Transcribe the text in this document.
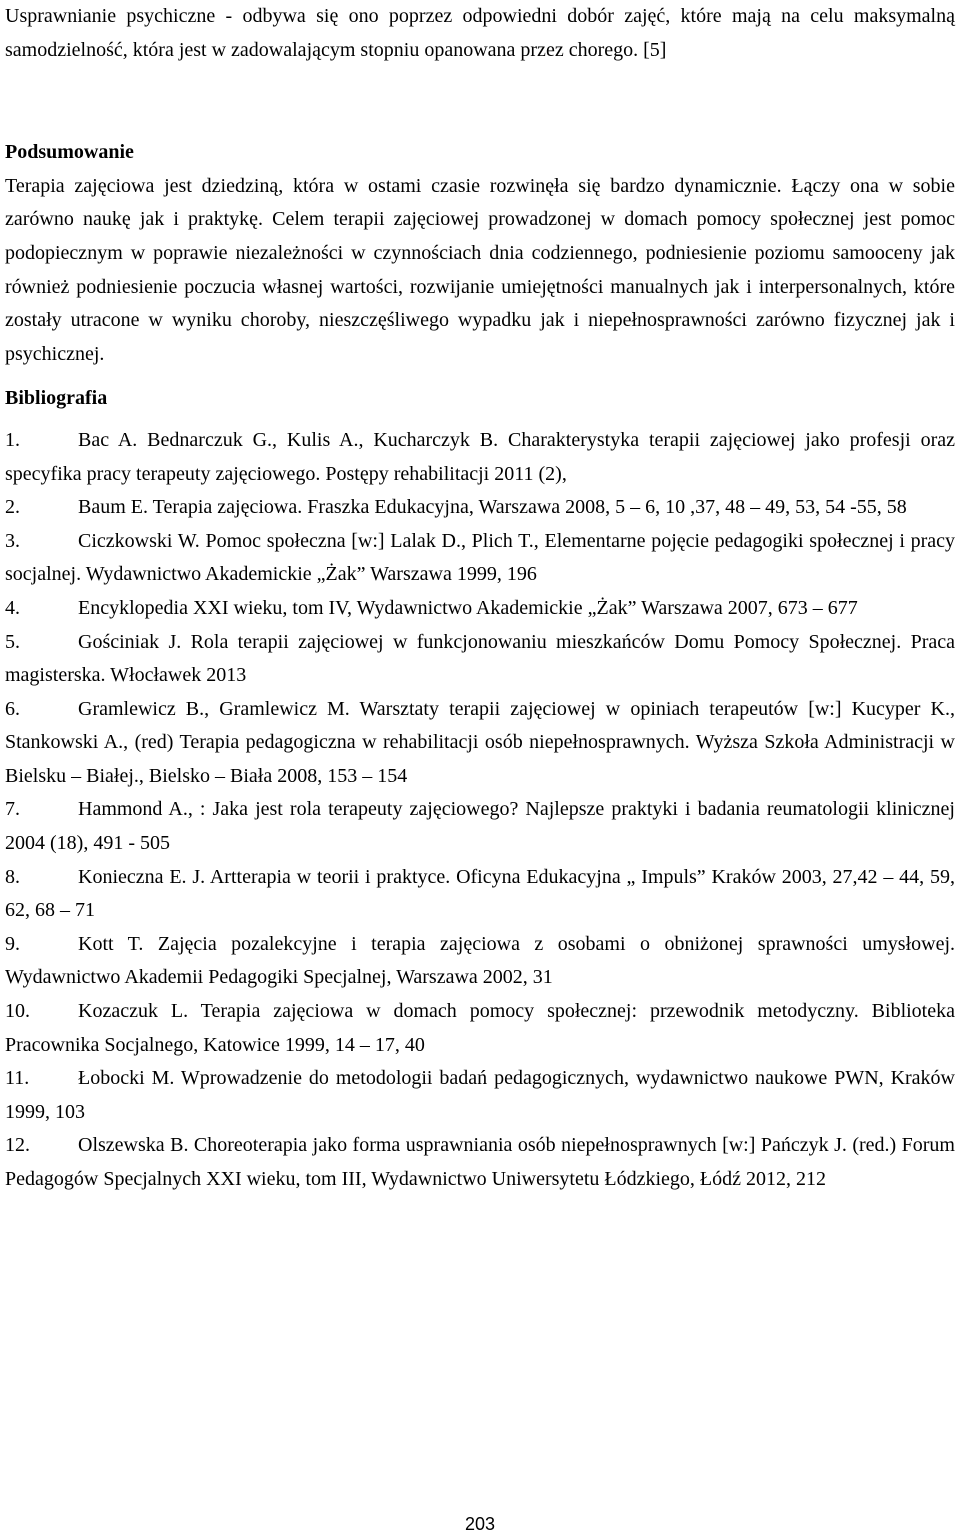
Usprawnianie psychiczne - odbywa się ono poprzez odpowiedni dobór zajęć, które mają na celu maksymalną samodzielność, która jest w zadowalającym stopniu opanowana przez chorego. [5]

Podsumowanie

Terapia zajęciowa jest dziedziną, która w ostami czasie rozwinęła się bardzo dynamicznie. Łączy ona w sobie zarówno naukę jak i praktykę. Celem terapii zajęciowej prowadzonej w domach pomocy społecznej jest pomoc podopiecznym w poprawie niezależności w czynnościach dnia codziennego, podniesienie poziomu samooceny jak również podniesienie poczucia własnej wartości, rozwijanie umiejętności manualnych jak i interpersonalnych, które zostały utracone w wyniku choroby, nieszczęśliwego wypadku jak i niepełnosprawności zarówno fizycznej jak i psychicznej.

Bibliografia
1.	Bac A. Bednarczuk G., Kulis A., Kucharczyk B. Charakterystyka terapii zajęciowej jako profesji oraz specyfika pracy terapeuty zajęciowego. Postępy rehabilitacji 2011 (2),
2.	Baum E. Terapia zajęciowa. Fraszka Edukacyjna, Warszawa 2008, 5 – 6, 10 ,37, 48 – 49, 53, 54 -55, 58
3.	Ciczkowski W. Pomoc społeczna [w:] Lalak D., Plich T., Elementarne pojęcie pedagogiki społecznej i pracy socjalnej. Wydawnictwo Akademickie „Żak” Warszawa 1999, 196
4.	Encyklopedia XXI wieku, tom IV, Wydawnictwo Akademickie „Żak” Warszawa 2007, 673 – 677
5.	Gościniak J. Rola terapii zajęciowej w funkcjonowaniu mieszkańców Domu Pomocy Społecznej. Praca magisterska. Włocławek 2013
6.	Gramlewicz B., Gramlewicz M. Warsztaty terapii zajęciowej w opiniach terapeutów [w:] Kucyper K., Stankowski A., (red) Terapia pedagogiczna w rehabilitacji osób niepełnosprawnych. Wyższa Szkoła Administracji w Bielsku – Białej., Bielsko – Biała 2008, 153 – 154
7.	Hammond A., : Jaka jest rola terapeuty zajęciowego? Najlepsze praktyki i badania reumatologii klinicznej 2004 (18), 491 - 505
8.	Konieczna E. J. Artterapia w teorii i praktyce. Oficyna Edukacyjna „ Impuls” Kraków 2003, 27,42 – 44, 59, 62, 68 – 71
9.	Kott T. Zajęcia pozalekcyjne i terapia zajęciowa z osobami o obniżonej sprawności umysłowej. Wydawnictwo Akademii Pedagogiki Specjalnej, Warszawa 2002, 31
10. Kozaczuk L. Terapia zajęciowa w domach pomocy społecznej: przewodnik metodyczny. Biblioteka Pracownika Socjalnego, Katowice 1999, 14 – 17, 40
11. Łobocki M. Wprowadzenie do metodologii badań pedagogicznych, wydawnictwo naukowe PWN, Kraków 1999, 103
12. Olszewska B. Choreoterapia jako forma usprawniania osób niepełnosprawnych [w:] Pańczyk J. (red.) Forum Pedagogów Specjalnych XXI wieku, tom III, Wydawnictwo Uniwersytetu Łódzkiego, Łódź 2012, 212
203
